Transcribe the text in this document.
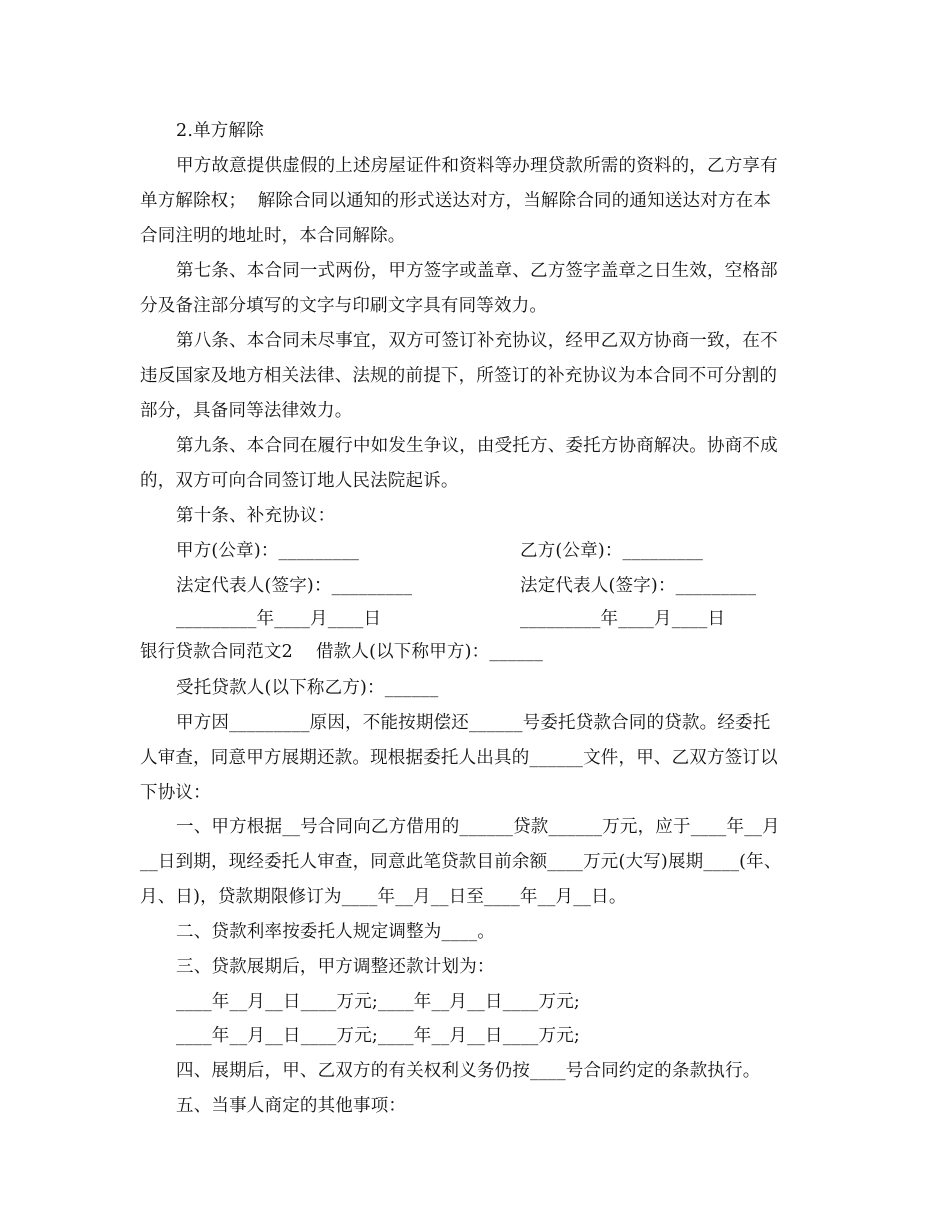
2.单方解除
甲方故意提供虚假的上述房屋证件和资料等办理贷款所需的资料的，乙方享有
单方解除权；  解除合同以通知的形式送达对方，当解除合同的通知送达对方在本
合同注明的地址时，本合同解除。
第七条、本合同一式两份，甲方签字或盖章、乙方签字盖章之日生效，空格部
分及备注部分填写的文字与印刷文字具有同等效力。
第八条、本合同未尽事宜，双方可签订补充协议，经甲乙双方协商一致，在不
违反国家及地方相关法律、法规的前提下，所签订的补充协议为本合同不可分割的
部分，具备同等法律效力。
第九条、本合同在履行中如发生争议，由受托方、委托方协商解决。协商不成
的，双方可向合同签订地人民法院起诉。
第十条、补充协议：
甲方(公章)：_________	乙方(公章)：_________
法定代表人(签字)：_________	法定代表人(签字)：_________
_________年____月____日	_________年____月____日
银行贷款合同范文2    借款人(以下称甲方)：______
受托贷款人(以下称乙方)：______
甲方因_________原因，不能按期偿还______号委托贷款合同的贷款。经委托
人审查，同意甲方展期还款。现根据委托人出具的______文件，甲、乙双方签订以
下协议：
一、甲方根据__号合同向乙方借用的______贷款______万元，应于____年__月
__日到期，现经委托人审查，同意此笔贷款目前余额____万元(大写)展期____(年、
月、日)，贷款期限修订为____年__月__日至____年__月__日。
二、贷款利率按委托人规定调整为____。
三、贷款展期后，甲方调整还款计划为：
____年__月__日____万元;____年__月__日____万元;
____年__月__日____万元;____年__月__日____万元;
四、展期后，甲、乙双方的有关权利义务仍按____号合同约定的条款执行。
五、当事人商定的其他事项：
